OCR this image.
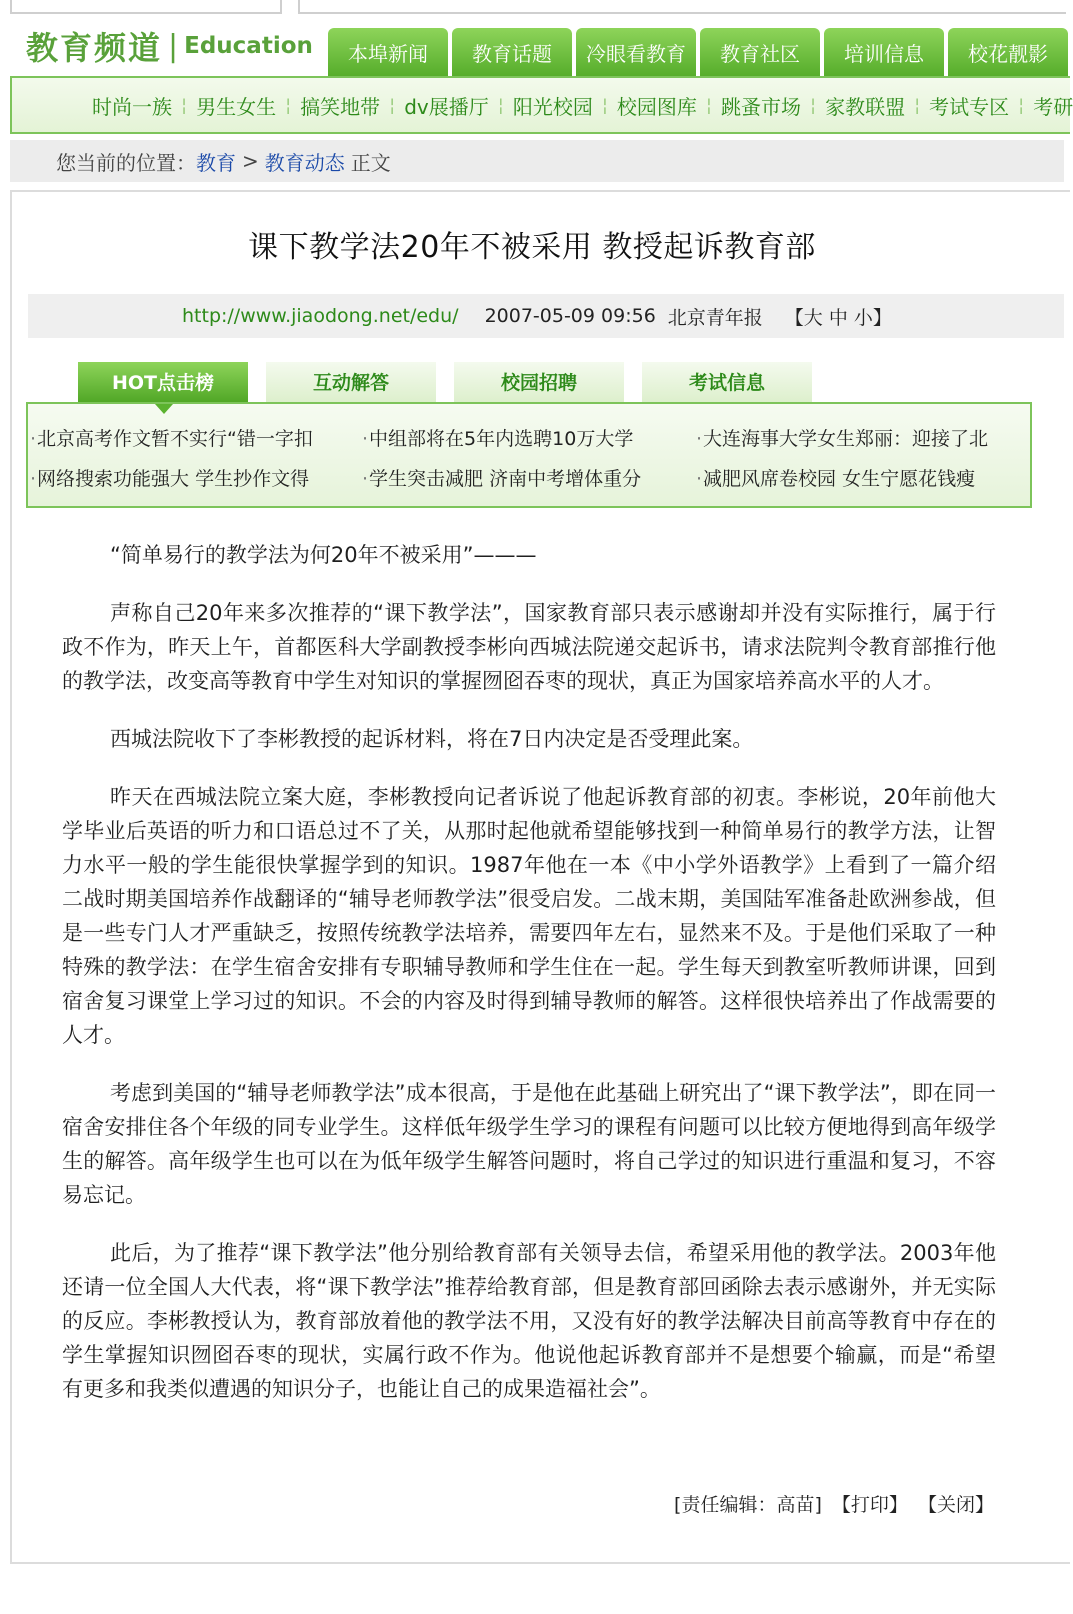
教育频道 | Education	本埠新闻	教育话题	冷眼看教育	教育社区	培训信息	校花靓影
时尚一族 ¦ 男生女生 ¦ 搞笑地带 ¦ dv展播厅 ¦ 阳光校园 ¦ 校园图库 ¦ 跳蚤市场 ¦ 家教联盟 ¦ 考试专区 ¦ 考研
您当前的位置： 教育 > 教育动态 正文
课下教学法20年不被采用 教授起诉教育部
http://www.jiaodong.net/edu/ 2007-05-09 09:56 北京青年报 【大 中 小】
HOT点击榜	互动解答	校园招聘	考试信息
· 北京高考作文暂不实行“错一字扣	· 中组部将在5年内选聘10万大学	· 大连海事大学女生郑丽：迎接了北
· 网络搜索功能强大 学生抄作文得	· 学生突击减肥 济南中考增体重分	· 减肥风席卷校园 女生宁愿花钱瘦

“简单易行的教学法为何20年不被采用”———

声称自己20年来多次推荐的“课下教学法”，国家教育部只表示感谢却并没有实际推行，属于行政不作为，昨天上午，首都医科大学副教授李彬向西城法院递交起诉书，请求法院判令教育部推行他的教学法，改变高等教育中学生对知识的掌握囫囵吞枣的现状，真正为国家培养高水平的人才。

西城法院收下了李彬教授的起诉材料，将在7日内决定是否受理此案。

昨天在西城法院立案大庭，李彬教授向记者诉说了他起诉教育部的初衷。李彬说，20年前他大学毕业后英语的听力和口语总过不了关，从那时起他就希望能够找到一种简单易行的教学方法，让智力水平一般的学生能很快掌握学到的知识。1987年他在一本《中小学外语教学》上看到了一篇介绍二战时期美国培养作战翻译的“辅导老师教学法”很受启发。二战末期，美国陆军准备赴欧洲参战，但是一些专门人才严重缺乏，按照传统教学法培养，需要四年左右，显然来不及。于是他们采取了一种特殊的教学法：在学生宿舍安排有专职辅导教师和学生住在一起。学生每天到教室听教师讲课，回到宿舍复习课堂上学习过的知识。不会的内容及时得到辅导教师的解答。这样很快培养出了作战需要的人才。

考虑到美国的“辅导老师教学法”成本很高，于是他在此基础上研究出了“课下教学法”，即在同一宿舍安排住各个年级的同专业学生。这样低年级学生学习的课程有问题可以比较方便地得到高年级学生的解答。高年级学生也可以在为低年级学生解答问题时，将自己学过的知识进行重温和复习，不容易忘记。

此后，为了推荐“课下教学法”他分别给教育部有关领导去信，希望采用他的教学法。2003年他还请一位全国人大代表，将“课下教学法”推荐给教育部，但是教育部回函除去表示感谢外，并无实际的反应。李彬教授认为，教育部放着他的教学法不用，又没有好的教学法解决目前高等教育中存在的学生掌握知识囫囵吞枣的现状，实属行政不作为。他说他起诉教育部并不是想要个输赢，而是“希望有更多和我类似遭遇的知识分子，也能让自己的成果造福社会”。

[责任编辑：高苗] 【打印】 【关闭】
